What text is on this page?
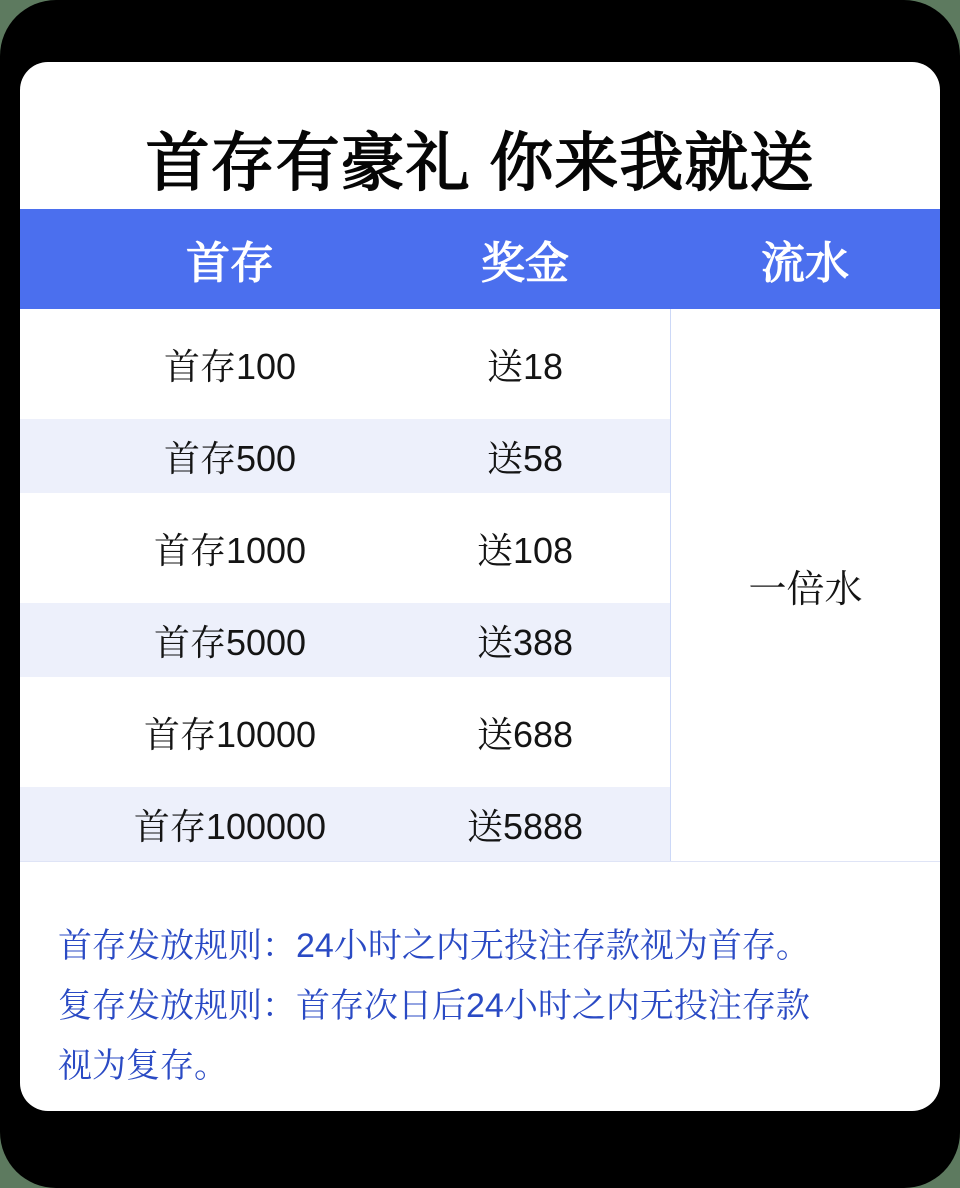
首存有豪礼 你来我就送
首存	奖金	流水
首存100	送18
首存500	送58
首存1000	送108
首存5000	送388
首存10000	送688
首存100000	送5888
一倍水
首存发放规则：24小时之内无投注存款视为首存。
复存发放规则：首存次日后24小时之内无投注存款
视为复存。
